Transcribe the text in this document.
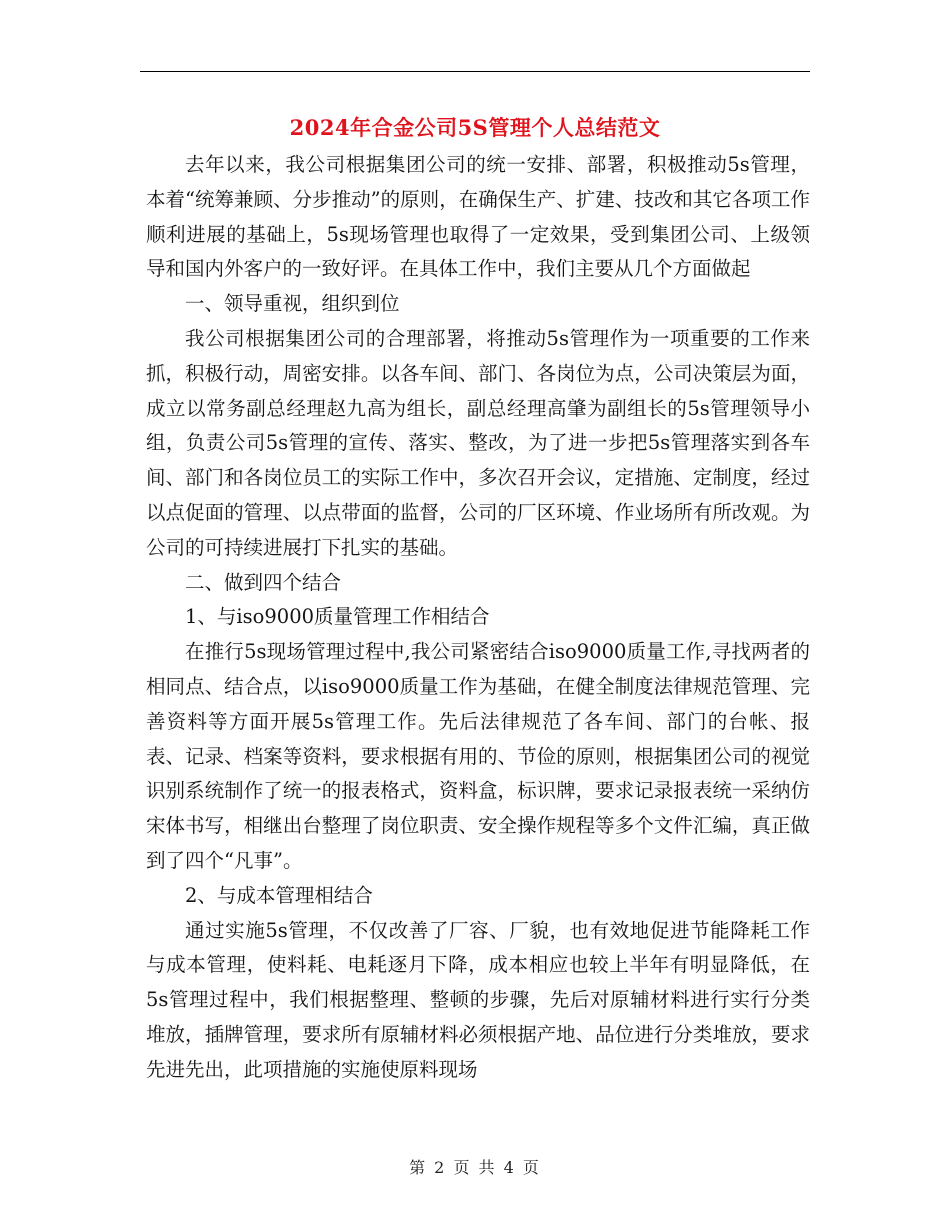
2024年合金公司5S管理个人总结范文

去年以来，我公司根据集团公司的统一安排、部署，积极推动5s管理，本着“统筹兼顾、分步推动”的原则，在确保生产、扩建、技改和其它各项工作顺利进展的基础上，5s现场管理也取得了一定效果，受到集团公司、上级领导和国内外客户的一致好评。在具体工作中，我们主要从几个方面做起

一、领导重视，组织到位

我公司根据集团公司的合理部署，将推动5s管理作为一项重要的工作来抓，积极行动，周密安排。以各车间、部门、各岗位为点，公司决策层为面，成立以常务副总经理赵九高为组长，副总经理高肇为副组长的5s管理领导小组，负责公司5s管理的宣传、落实、整改，为了进一步把5s管理落实到各车间、部门和各岗位员工的实际工作中，多次召开会议，定措施、定制度，经过以点促面的管理、以点带面的监督，公司的厂区环境、作业场所有所改观。为公司的可持续进展打下扎实的基础。

二、做到四个结合

1、与iso9000质量管理工作相结合

在推行5s现场管理过程中,我公司紧密结合iso9000质量工作,寻找两者的相同点、结合点，以iso9000质量工作为基础，在健全制度法律规范管理、完善资料等方面开展5s管理工作。先后法律规范了各车间、部门的台帐、报表、记录、档案等资料，要求根据有用的、节俭的原则，根据集团公司的视觉识别系统制作了统一的报表格式，资料盒，标识牌，要求记录报表统一采纳仿宋体书写，相继出台整理了岗位职责、安全操作规程等多个文件汇编，真正做到了四个“凡事”。

2、与成本管理相结合

通过实施5s管理，不仅改善了厂容、厂貌，也有效地促进节能降耗工作与成本管理，使料耗、电耗逐月下降，成本相应也较上半年有明显降低，在5s管理过程中，我们根据整理、整顿的步骤，先后对原辅材料进行实行分类堆放，插牌管理，要求所有原辅材料必须根据产地、品位进行分类堆放，要求先进先出，此项措施的实施使原料现场

第 2 页 共 4 页
